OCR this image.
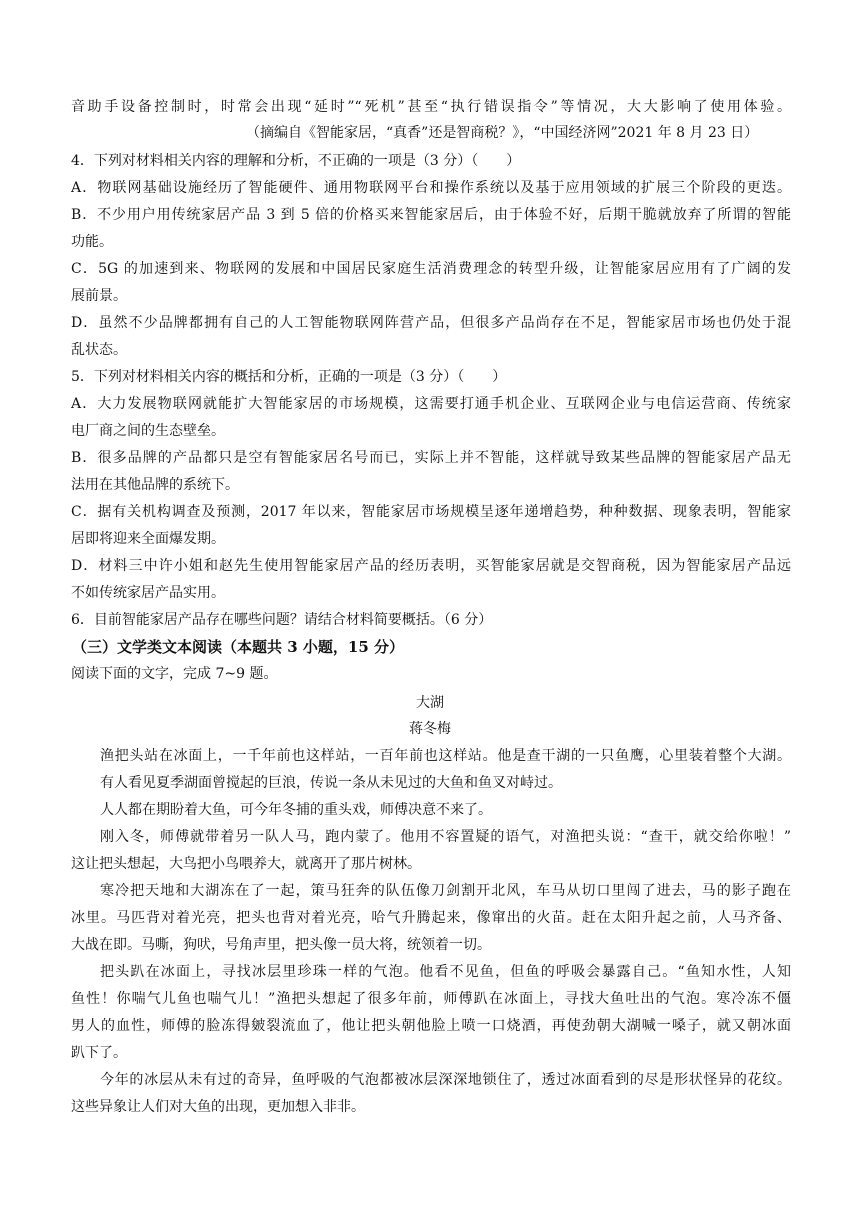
音助手设备控制时，时常会出现“延时”“死机”甚至“执行错误指令”等情况，大大影响了使用体验。
（摘编自《智能家居，“真香”还是智商税？》，“中国经济网”2021 年 8 月 23 日）
4．下列对材料相关内容的理解和分析，不正确的一项是（3 分）（　　）
A．物联网基础设施经历了智能硬件、通用物联网平台和操作系统以及基于应用领域的扩展三个阶段的更迭。
B．不少用户用传统家居产品 3 到 5 倍的价格买来智能家居后，由于体验不好，后期干脆就放弃了所谓的智能
功能。
C．5G 的加速到来、物联网的发展和中国居民家庭生活消费理念的转型升级，让智能家居应用有了广阔的发
展前景。
D．虽然不少品牌都拥有自己的人工智能物联网阵营产品，但很多产品尚存在不足，智能家居市场也仍处于混
乱状态。
5．下列对材料相关内容的概括和分析，正确的一项是（3 分）（　　）
A．大力发展物联网就能扩大智能家居的市场规模，这需要打通手机企业、互联网企业与电信运营商、传统家
电厂商之间的生态壁垒。
B．很多品牌的产品都只是空有智能家居名号而已，实际上并不智能，这样就导致某些品牌的智能家居产品无
法用在其他品牌的系统下。
C．据有关机构调查及预测，2017 年以来，智能家居市场规模呈逐年递增趋势，种种数据、现象表明，智能家
居即将迎来全面爆发期。
D．材料三中许小姐和赵先生使用智能家居产品的经历表明，买智能家居就是交智商税，因为智能家居产品远
不如传统家居产品实用。
6．目前智能家居产品存在哪些问题？请结合材料简要概括。（6 分）
（三）文学类文本阅读（本题共 3 小题，15 分）
阅读下面的文字，完成 7~9 题。
大湖
蒋冬梅
渔把头站在冰面上，一千年前也这样站，一百年前也这样站。他是查干湖的一只鱼鹰，心里装着整个大湖。
有人看见夏季湖面曾搅起的巨浪，传说一条从未见过的大鱼和鱼叉对峙过。
人人都在期盼着大鱼，可今年冬捕的重头戏，师傅决意不来了。
刚入冬，师傅就带着另一队人马，跑内蒙了。他用不容置疑的语气，对渔把头说：“查干，就交给你啦！”
这让把头想起，大鸟把小鸟喂养大，就离开了那片树林。
寒冷把天地和大湖冻在了一起，策马狂奔的队伍像刀剑割开北风，车马从切口里闯了进去，马的影子跑在
冰里。马匹背对着光亮，把头也背对着光亮，哈气升腾起来，像窜出的火苗。赶在太阳升起之前，人马齐备、
大战在即。马嘶，狗吠，号角声里，把头像一员大将，统领着一切。
把头趴在冰面上，寻找冰层里珍珠一样的气泡。他看不见鱼，但鱼的呼吸会暴露自己。“鱼知水性，人知
鱼性！你喘气儿鱼也喘气儿！”渔把头想起了很多年前，师傅趴在冰面上，寻找大鱼吐出的气泡。寒冷冻不僵
男人的血性，师傅的脸冻得皴裂流血了，他让把头朝他脸上喷一口烧酒，再使劲朝大湖喊一嗓子，就又朝冰面
趴下了。
今年的冰层从未有过的奇异，鱼呼吸的气泡都被冰层深深地锁住了，透过冰面看到的尽是形状怪异的花纹。
这些异象让人们对大鱼的出现，更加想入非非。
